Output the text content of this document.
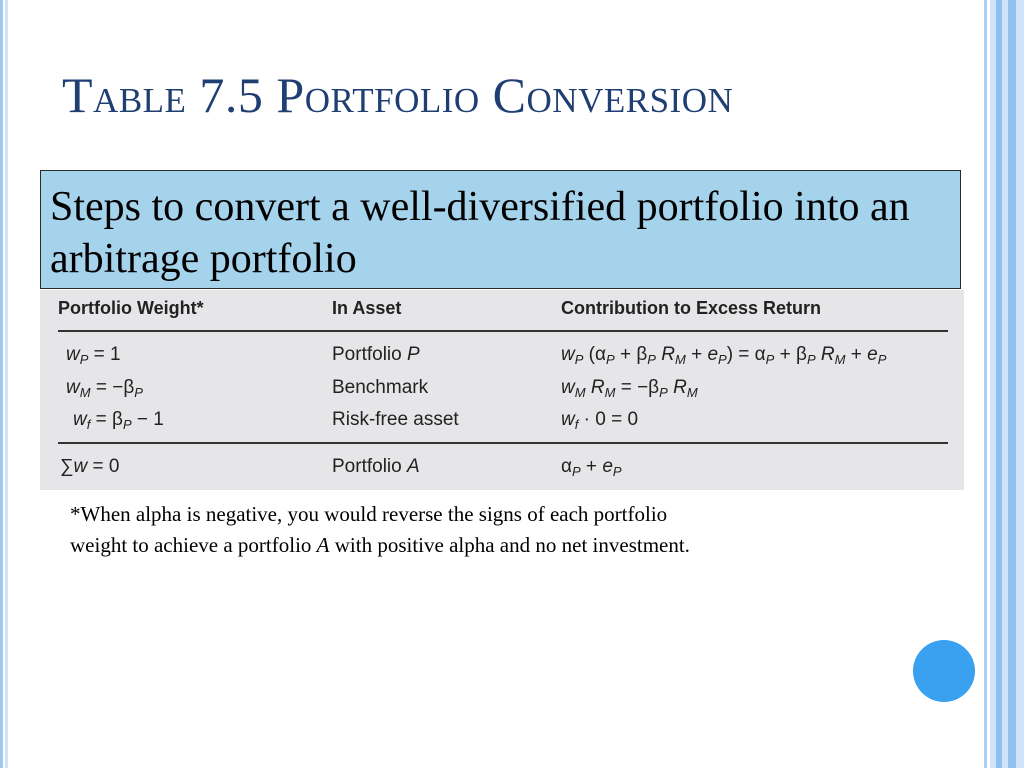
Table 7.5 Portfolio Conversion
Steps to convert a well-diversified portfolio into an arbitrage portfolio
Portfolio Weight*	In Asset	Contribution to Excess Return
$w_P = 1$	Portfolio P	$w_P$ ($\alpha_P + \beta_P$ $R_M + e_P) = \alpha_P + \beta_P$ $R_M + e_P$
$w_M = -\beta_P$	Benchmark	$w_M$ $R_M = -\beta_P$ $R_M$
$w_f = \beta_P - 1$	Risk-free asset	$w_f \cdot 0 = 0$
∑w = 0	Portfolio A	$\alpha_P + e_P$
*When alpha is negative, you would reverse the signs of each portfolio
weight to achieve a portfolio A with positive alpha and no net investment.
